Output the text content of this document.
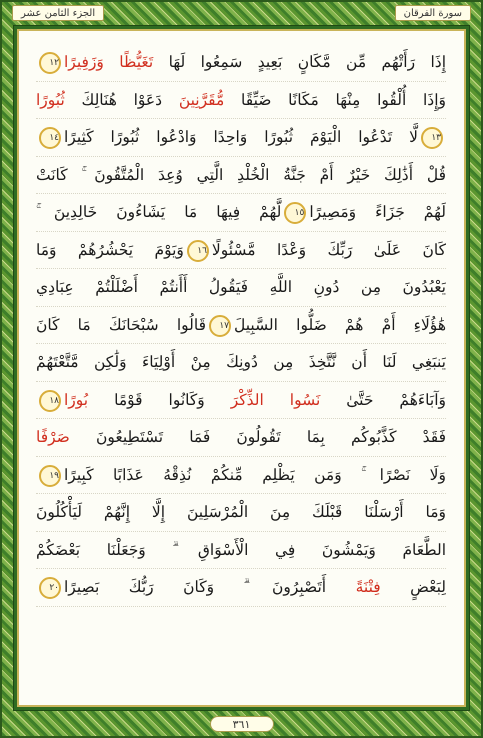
الجزء الثامن عشر	سورة الفرقان
إِذَا رَأَتْهُم مِّن مَّكَانٍ بَعِيدٍ سَمِعُوا لَهَا تَغَيُّظًا وَزَفِيرًا١٢
وَإِذَا أُلْقُوا مِنْهَا مَكَانًا ضَيِّقًا مُّقَرَّنِينَ دَعَوْا هُنَالِكَ ثُبُورًا
١٣لَّا تَدْعُوا الْيَوْمَ ثُبُورًا وَاحِدًا وَادْعُوا ثُبُورًا كَثِيرًا١٤
قُلْ أَذَٰلِكَ خَيْرٌ أَمْ جَنَّةُ الْخُلْدِ الَّتِي وُعِدَ الْمُتَّقُونَ ۚ كَانَتْ
لَهُمْ جَزَاءً وَمَصِيرًا١٥لَّهُمْ فِيهَا مَا يَشَاءُونَ خَالِدِينَ ۚ
كَانَ عَلَىٰ رَبِّكَ وَعْدًا مَّسْئُولًا١٦وَيَوْمَ يَحْشُرُهُمْ وَمَا
يَعْبُدُونَ مِن دُونِ اللَّهِ فَيَقُولُ أَأَنتُمْ أَضْلَلْتُمْ عِبَادِي
هَٰؤُلَاءِ أَمْ هُمْ ضَلُّوا السَّبِيلَ١٧قَالُوا سُبْحَانَكَ مَا كَانَ
يَنبَغِي لَنَا أَن نَّتَّخِذَ مِن دُونِكَ مِنْ أَوْلِيَاءَ وَلَٰكِن مَّتَّعْتَهُمْ
وَآبَاءَهُمْ حَتَّىٰ نَسُوا الذِّكْرَ وَكَانُوا قَوْمًا بُورًا١٨
فَقَدْ كَذَّبُوكُم بِمَا تَقُولُونَ فَمَا تَسْتَطِيعُونَ صَرْفًا
وَلَا نَصْرًا ۚ وَمَن يَظْلِم مِّنكُمْ نُذِقْهُ عَذَابًا كَبِيرًا١٩
وَمَا أَرْسَلْنَا قَبْلَكَ مِنَ الْمُرْسَلِينَ إِلَّا إِنَّهُمْ لَيَأْكُلُونَ
الطَّعَامَ وَيَمْشُونَ فِي الْأَسْوَاقِ ۗ وَجَعَلْنَا بَعْضَكُمْ
لِبَعْضٍ فِتْنَةً أَتَصْبِرُونَ ۗ وَكَانَ رَبُّكَ بَصِيرًا٢٠
٣٦١
